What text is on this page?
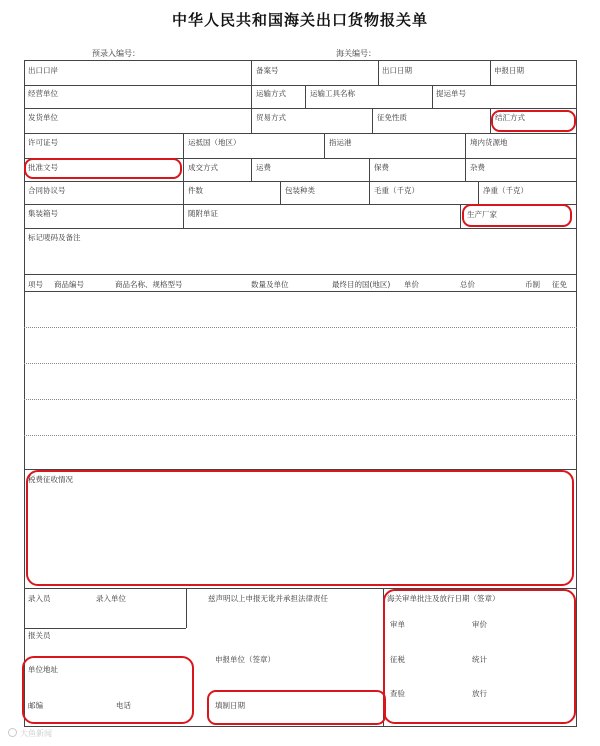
中华人民共和国海关出口货物报关单
预录入编号：	海关编号：
出口口岸	备案号	出口日期	申报日期
经营单位	运输方式	运输工具名称	提运单号
发货单位	贸易方式	征免性质	结汇方式
许可证号	运抵国（地区）	指运港	境内货源地
批准文号	成交方式	运费	保费	杂费
合同协议号	件数	包装种类	毛重（千克）	净重（千克）
集装箱号	随附单证	生产厂家
标记唛码及备注
项号 商品编号	商品名称、规格型号	数量及单位	最终目的国(地区) 单价	总价	币制 征免
税费征收情况
录入员	录入单位	兹声明以上申报无讹并承担法律责任	海关审单批注及放行日期（签章）
报关员
审单	审价
申报单位（签章）	征税	统计
单位地址
查验	放行
邮编	电话	填制日期
大鱼新闻
